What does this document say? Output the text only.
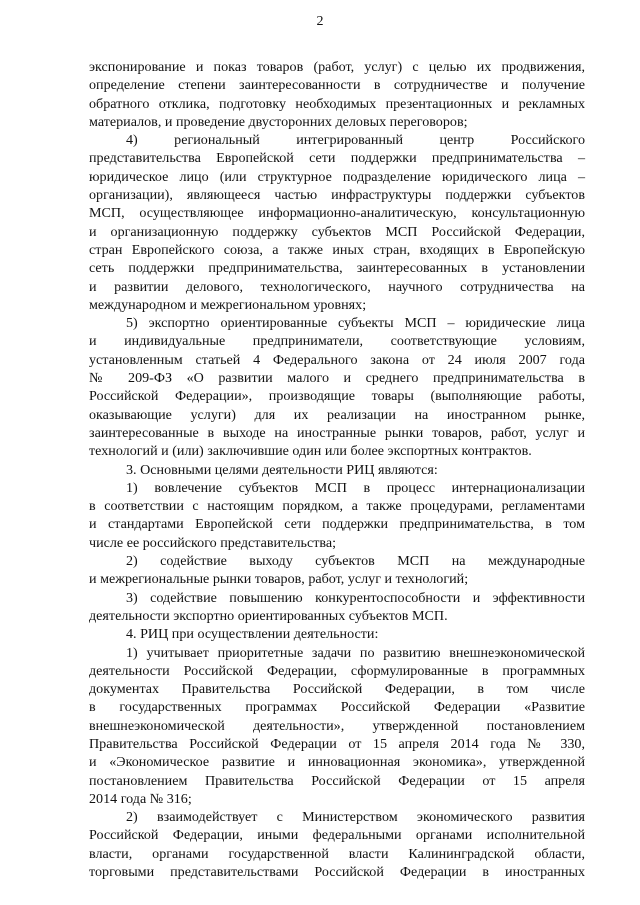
2
экспонирование и показ товаров (работ, услуг) с целью их продвижения,
определение степени заинтересованности в сотрудничестве и получение
обратного отклика, подготовку необходимых презентационных и рекламных
материалов, и проведение двусторонних деловых переговоров;
4) региональный интегрированный центр Российского
представительства Европейской сети поддержки предпринимательства –
юридическое лицо (или структурное подразделение юридического лица –
организации), являющееся частью инфраструктуры поддержки субъектов
МСП, осуществляющее информационно-аналитическую, консультационную
и организационную поддержку субъектов МСП Российской Федерации,
стран Европейского союза, а также иных стран, входящих в Европейскую
сеть поддержки предпринимательства, заинтересованных в установлении
и развитии делового, технологического, научного сотрудничества на
международном и межрегиональном уровнях;
5) экспортно ориентированные субъекты МСП – юридические лица
и индивидуальные предприниматели, соответствующие условиям,
установленным статьей 4 Федерального закона от 24 июля 2007 года
№ 209-ФЗ «О развитии малого и среднего предпринимательства в
Российской Федерации», производящие товары (выполняющие работы,
оказывающие услуги) для их реализации на иностранном рынке,
заинтересованные в выходе на иностранные рынки товаров, работ, услуг и
технологий и (или) заключившие один или более экспортных контрактов.
3. Основными целями деятельности РИЦ являются:
1) вовлечение субъектов МСП в процесс интернационализации
в соответствии с настоящим порядком, а также процедурами, регламентами
и стандартами Европейской сети поддержки предпринимательства, в том
числе ее российского представительства;
2) содействие выходу субъектов МСП на международные
и межрегиональные рынки товаров, работ, услуг и технологий;
3) содействие повышению конкурентоспособности и эффективности
деятельности экспортно ориентированных субъектов МСП.
4. РИЦ при осуществлении деятельности:
1) учитывает приоритетные задачи по развитию внешнеэкономической
деятельности Российской Федерации, сформулированные в программных
документах Правительства Российской Федерации, в том числе
в государственных программах Российской Федерации «Развитие
внешнеэкономической деятельности», утвержденной постановлением
Правительства Российской Федерации от 15 апреля 2014 года № 330,
и «Экономическое развитие и инновационная экономика», утвержденной
постановлением Правительства Российской Федерации от 15 апреля
2014 года № 316;
2) взаимодействует с Министерством экономического развития
Российской Федерации, иными федеральными органами исполнительной
власти, органами государственной власти Калининградской области,
торговыми представительствами Российской Федерации в иностранных
